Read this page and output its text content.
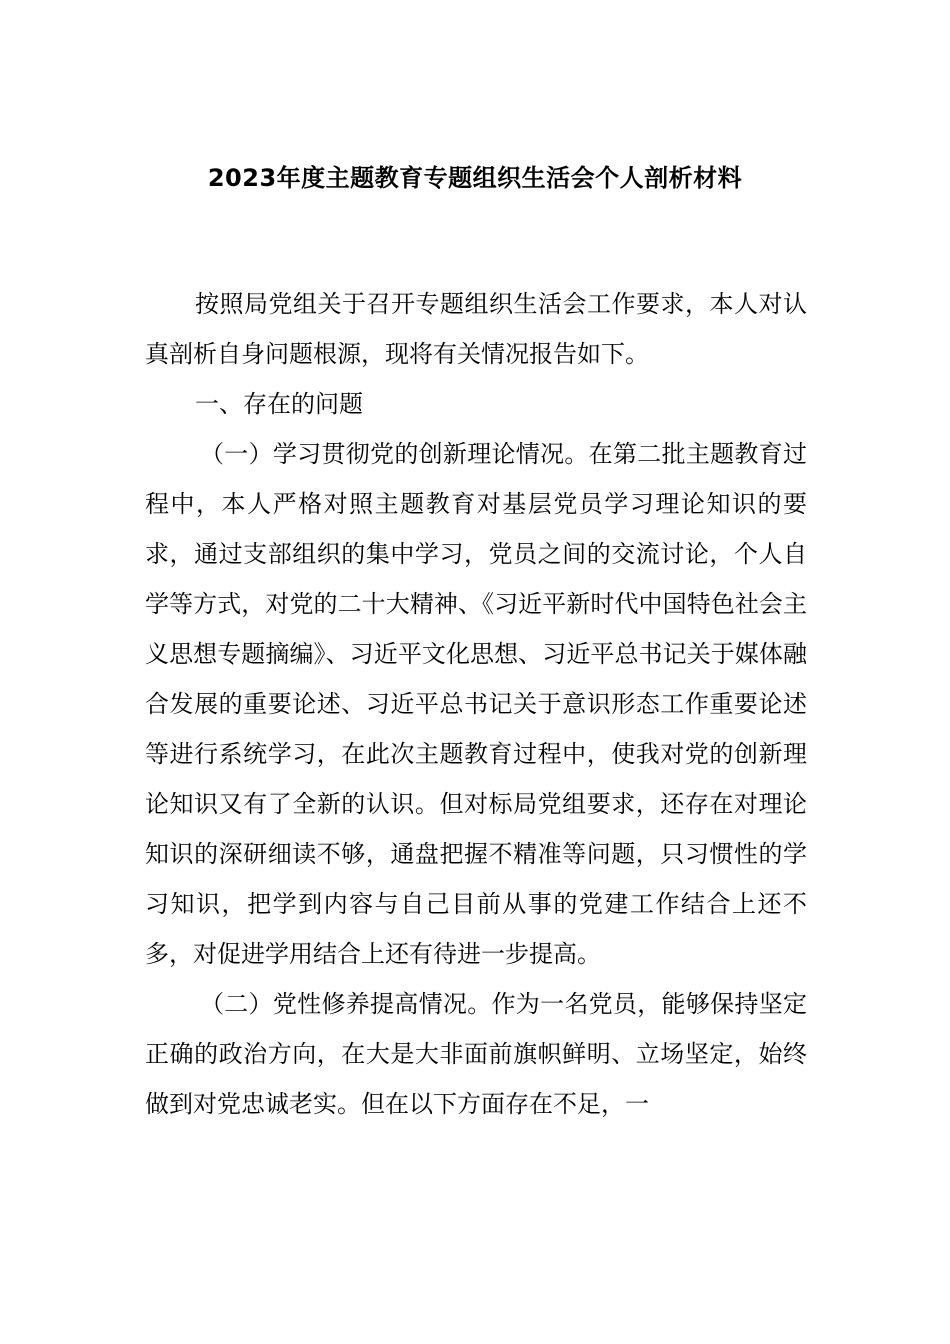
2023年度主题教育专题组织生活会个人剖析材料

按照局党组关于召开专题组织生活会工作要求，本人对认真剖析自身问题根源，现将有关情况报告如下。

一、存在的问题

（一）学习贯彻党的创新理论情况。在第二批主题教育过程中，本人严格对照主题教育对基层党员学习理论知识的要求，通过支部组织的集中学习，党员之间的交流讨论，个人自学等方式，对党的二十大精神、《习近平新时代中国特色社会主义思想专题摘编》、习近平文化思想、习近平总书记关于媒体融合发展的重要论述、习近平总书记关于意识形态工作重要论述等进行系统学习，在此次主题教育过程中，使我对党的创新理论知识又有了全新的认识。但对标局党组要求，还存在对理论知识的深研细读不够，通盘把握不精准等问题，只习惯性的学习知识，把学到内容与自己目前从事的党建工作结合上还不多，对促进学用结合上还有待进一步提高。

（二）党性修养提高情况。作为一名党员，能够保持坚定正确的政治方向，在大是大非面前旗帜鲜明、立场坚定，始终做到对党忠诚老实。但在以下方面存在不足，一
